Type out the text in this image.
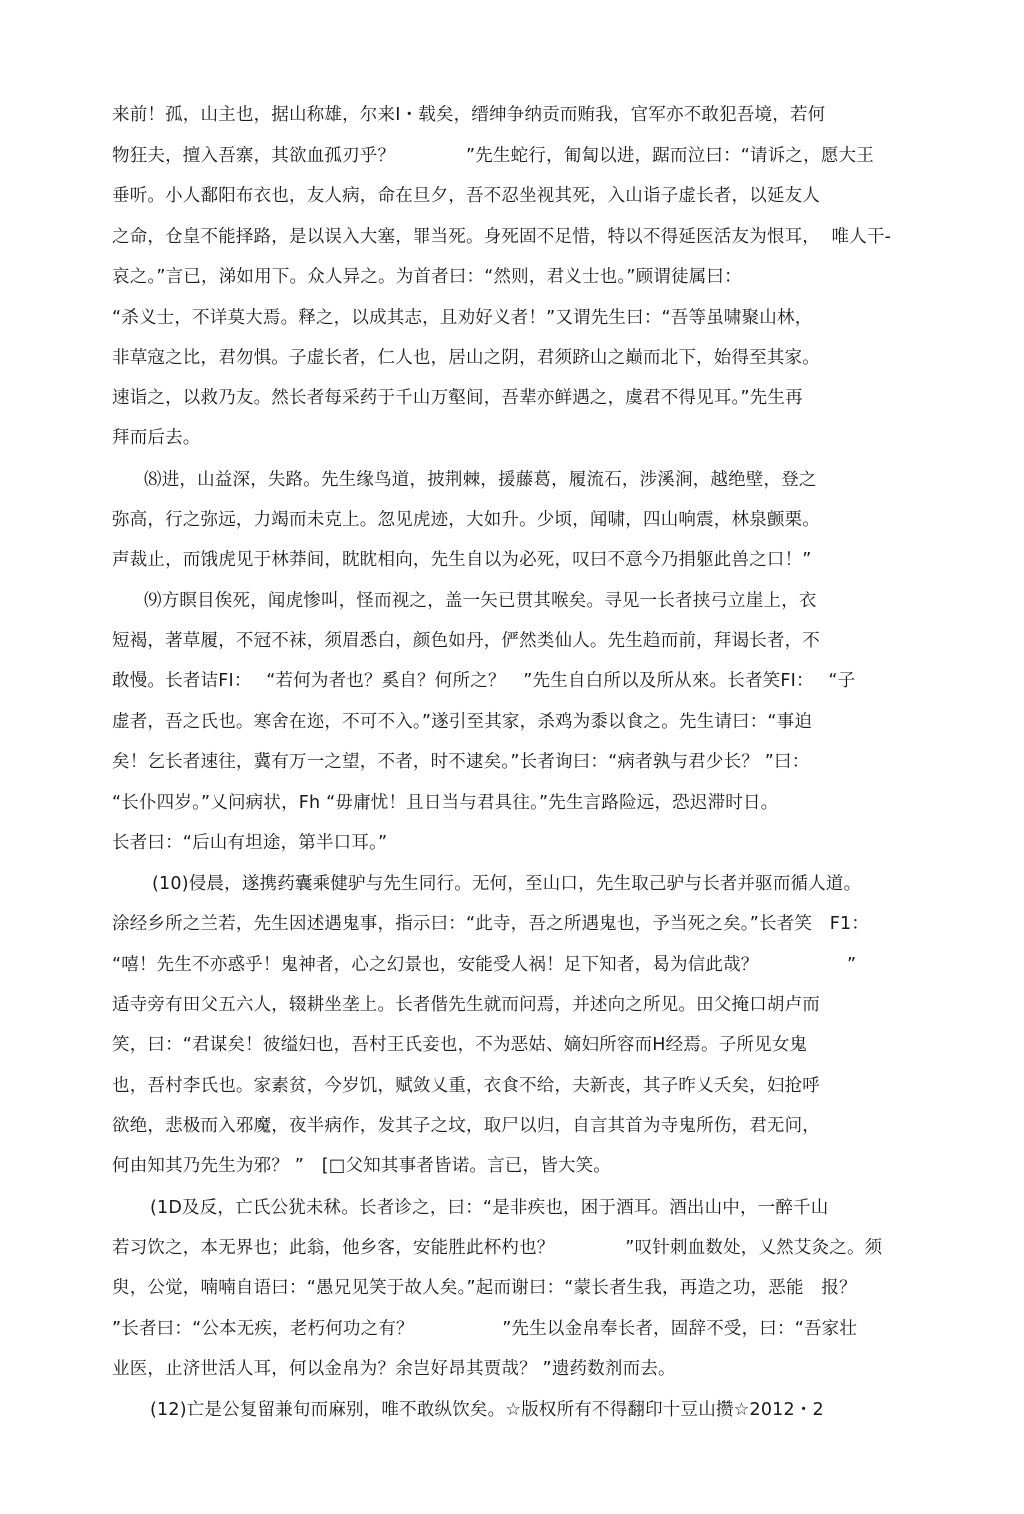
来前！孤，山主也，据山称雄，尔来I・载矣，缙绅争纳贡而贿我，官军亦不敢犯吾境，若何
物狂夫，擅入吾寨，其欲血孤刃乎？　　　　”先生蛇行，匍匐以进，踞而泣曰：“请诉之，愿大王
垂听。小人鄱阳布衣也，友人病，命在旦夕，吾不忍坐视其死，入山诣子虚长者，以延友人
之命，仓皇不能择路，是以误入大塞，罪当死。身死固不足惜，特以不得延医活友为恨耳，  唯人干-
哀之。”言已，涕如用下。众人异之。为首者曰：“然则，君义士也。”顾谓徒属曰：
“杀义士，不详莫大焉。释之，以成其志，且劝好义者！”又谓先生曰：“吾等虽啸聚山林，
非草寇之比，君勿惧。子虚长者，仁人也，居山之阴，君须跻山之巅而北下，始得至其家。
速诣之，以救乃友。然长者每采药于千山万壑间，吾辈亦鲜遇之，虞君不得见耳。”先生再
拜而后去。
⑻进，山益深，失路。先生缘鸟道，披荆棘，援藤葛，履流石，涉溪涧，越绝壁，登之
弥高，行之弥远，力竭而未克上。忽见虎迹，大如升。少顷，闻啸，四山响震，林泉颤栗。
声裁止，而饿虎见于林莽间，眈眈相向，先生自以为必死，叹曰不意今乃捐躯此兽之口！”
⑼方瞑目俟死，闻虎惨叫，怪而视之，盖一矢已贯其喉矣。寻见一长者挟弓立崖上，衣
短褐，著草履，不冠不袜，须眉悉白，颜色如丹，俨然类仙人。先生趋而前，拜谒长者，不
敢慢。长者诘FI：　 “若何为者也？奚自？何所之？　”先生自白所以及所从來。长者笑FI：　 “子
虚者，吾之氏也。寒舍在迩，不可不入。”遂引至其家，杀鸡为黍以食之。先生请曰：“事迫
矣！乞长者速往，冀有万一之望，不者，时不逮矣。”长者询曰：“病者孰与君少长？ ”曰：
“长仆四岁。”乂问病状，Fh “毋庸忧！且日当与君具往。”先生言路险远，恐迟滞时日。
长者曰：“后山有坦途，第半口耳。”
(10)侵晨，遂携药囊乘健驴与先生同行。无何，至山口，先生取己驴与长者并驱而循人道。
涂经乡所之兰若，先生因述遇鬼事，指示曰：“此寺，吾之所遇鬼也，予当死之矣。”长者笑　F1：
“嘻！先生不亦惑乎！鬼神者，心之幻景也，安能受人祸！足下知者，曷为信此哉？　　　　　”
适寺旁有田父五六人，辍耕坐垄上。长者偕先生就而问焉，并述向之所见。田父掩口胡卢而
笑，曰：“君谋矣！彼缢妇也，吾村王氏妾也，不为恶姑、嫡妇所容而H经焉。子所见女鬼
也，吾村李氏也。家素贫，今岁饥，赋敛乂重，衣食不给，夫新丧，其子昨乂夭矣，妇抢呼
欲绝，悲极而入邪魔，夜半病作，发其子之坟，取尸以归，自言其首为寺鬼所伤，君无问，
何由知其乃先生为邪？ ”　[□父知其事者皆诺。言已，皆大笑。
(1D及反，亡氏公犹未秫。长者诊之，曰：“是非疾也，困于酒耳。酒出山中，一醉千山
若习饮之，本无界也；此翁，他乡客，安能胜此杯杓也？　　　　”叹针刺血数处，乂然艾灸之。须
臾，公觉，喃喃自语曰：“愚兄见笑于故人矣。”起而谢曰：“蒙长者生我，再造之功，恶能　报？
”长者曰：“公本无疾，老朽何功之有？　　　　　”先生以金帛奉长者，固辞不受，曰：“吾家壮
业医，止济世活人耳，何以金帛为？余岂好昂其贾哉？ ”遗药数剂而去。
(12)亡是公复留兼旬而麻别，唯不敢纵饮矣。☆版权所有不得翻印十豆山攒☆2012・2
